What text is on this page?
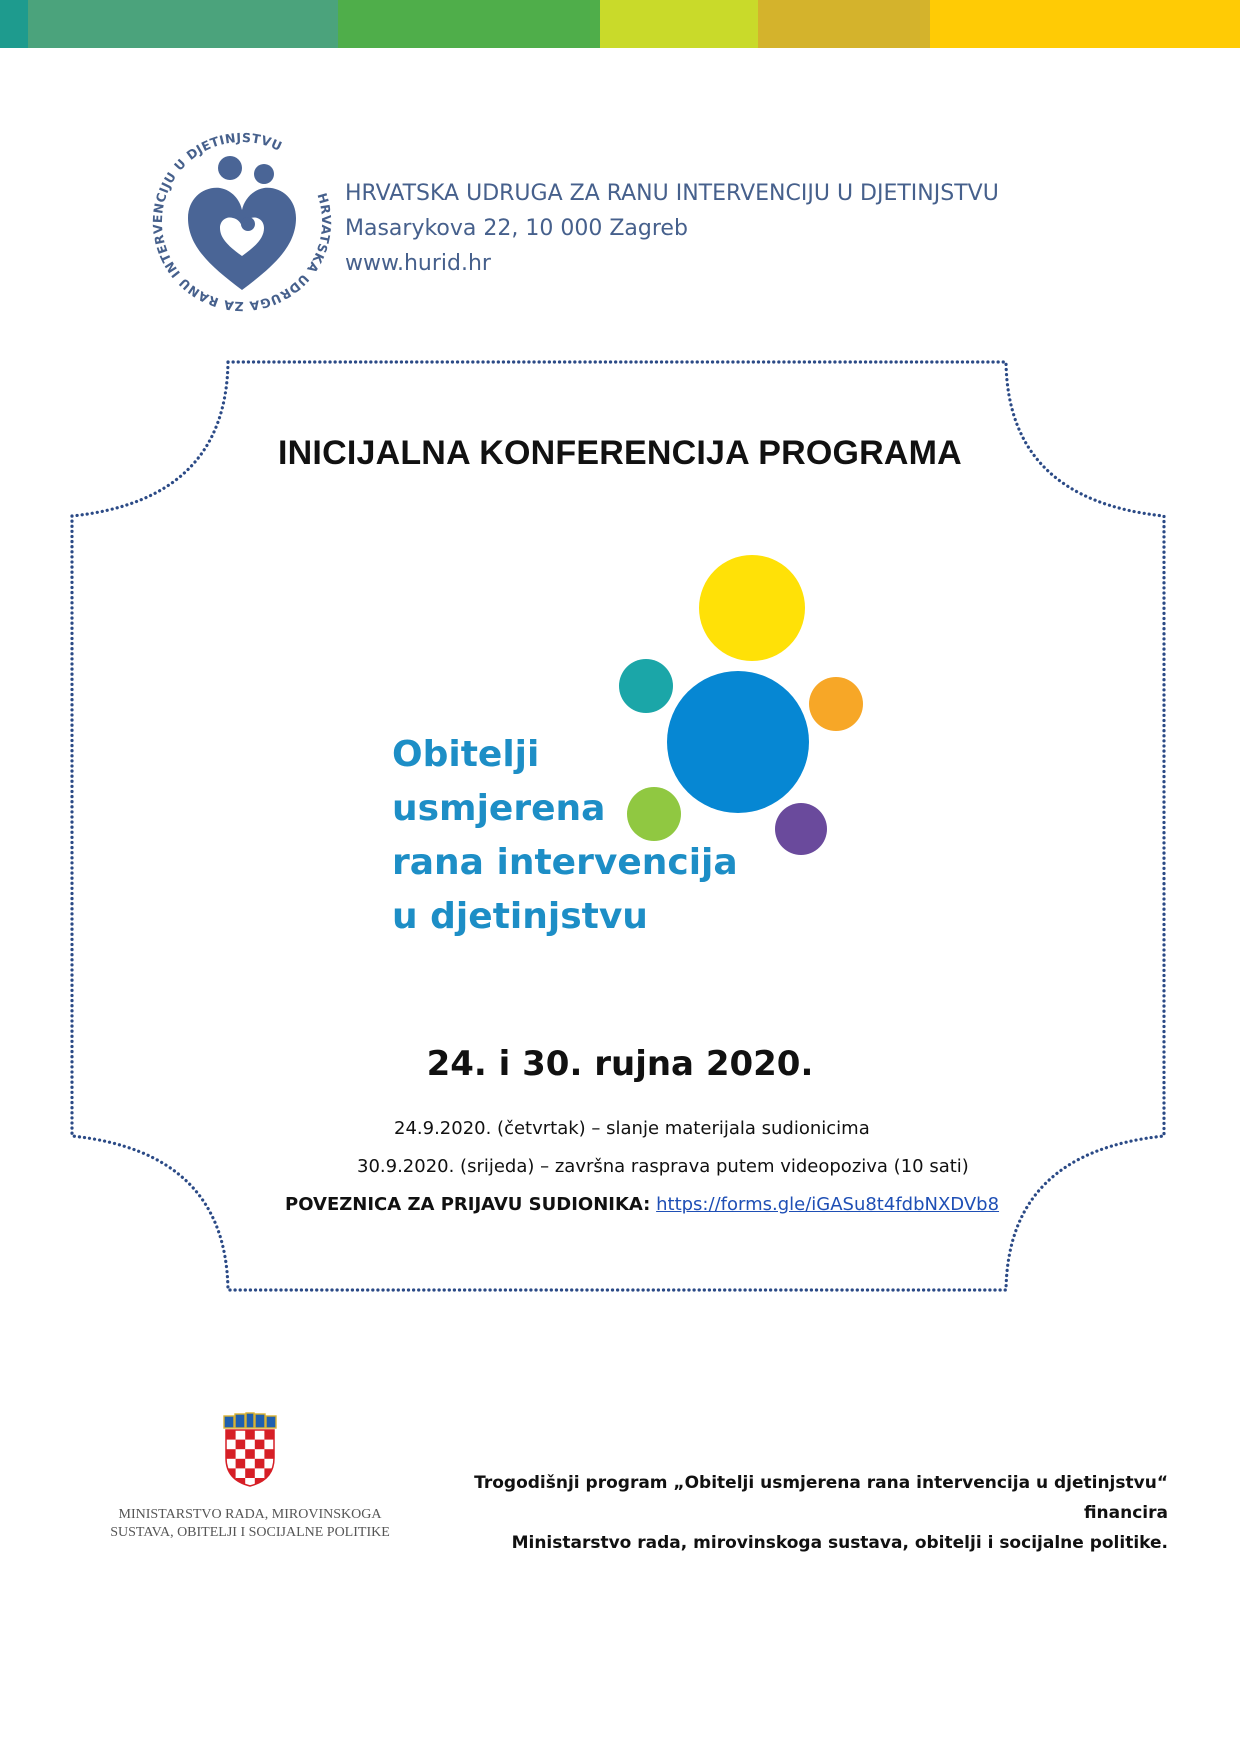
HRVATSKA UDRUGA ZA RANU INTERVENCIJU U DJETINJSTVU
HRVATSKA UDRUGA ZA RANU INTERVENCIJU U DJETINJSTVU
Masarykova 22, 10 000 Zagreb
www.hurid.hr
INICIJALNA KONFERENCIJA PROGRAMA
Obitelji
usmjerena
rana intervencija
u djetinjstvu
24. i 30. rujna 2020.
24.9.2020. (četvrtak) – slanje materijala sudionicima
30.9.2020. (srijeda) – završna rasprava putem videopoziva (10 sati)
POVEZNICA ZA PRIJAVU SUDIONIKA: https://forms.gle/iGASu8t4fdbNXDVb8
MINISTARSTVO RADA, MIROVINSKOGA
SUSTAVA, OBITELJI I SOCIJALNE POLITIKE
Trogodišnji program „Obitelji usmjerena rana intervencija u djetinjstvu“ financira
Ministarstvo rada, mirovinskoga sustava, obitelji i socijalne politike.
